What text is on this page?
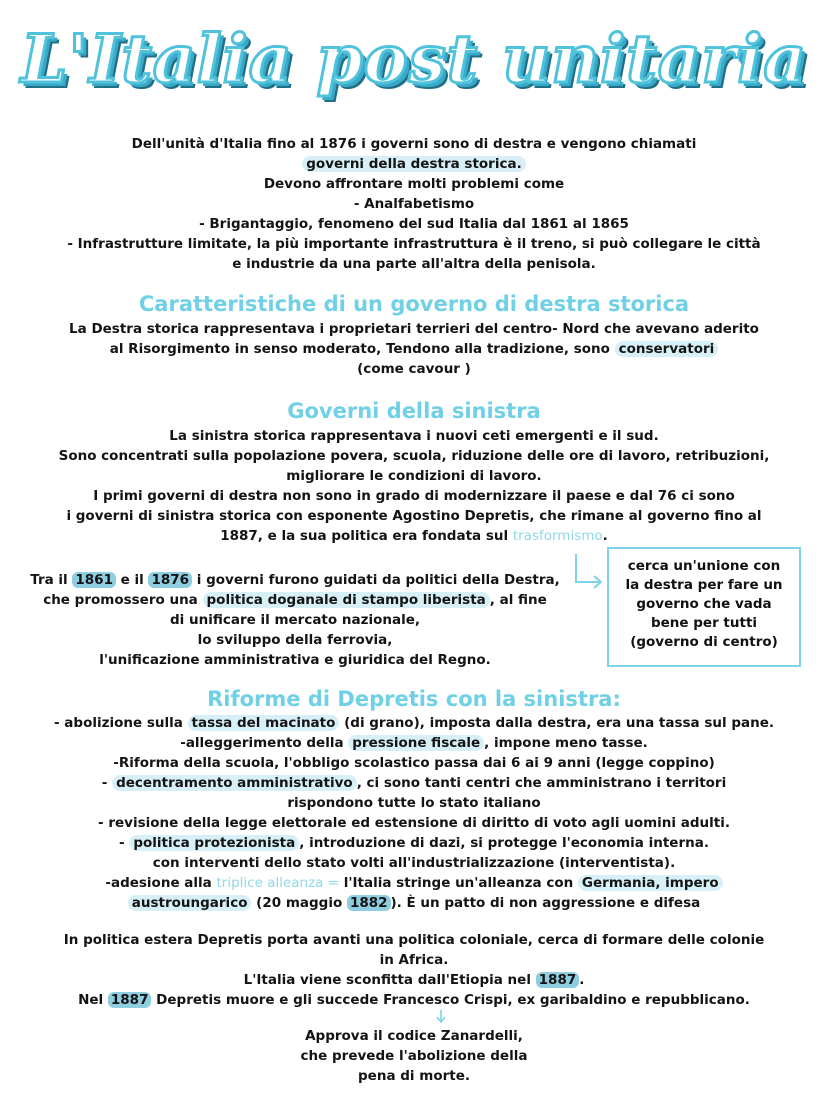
L'Italia post unitaria

Dell'unità d'Italia fino al 1876 i governi sono di destra e vengono chiamati

governi della destra storica.

Devono affrontare molti problemi come

- Analfabetismo

- Brigantaggio, fenomeno del sud Italia dal 1861 al 1865

- Infrastrutture limitate, la più importante infrastruttura è il treno, si può collegare le città

e industrie da una parte all'altra della penisola.

Caratteristiche di un governo di destra storica

La Destra storica rappresentava i proprietari terrieri del centro- Nord che avevano aderito

al Risorgimento in senso moderato, Tendono alla tradizione, sono conservatori

(come cavour )

Governi della sinistra

La sinistra storica rappresentava i nuovi ceti emergenti e il sud.

Sono concentrati sulla popolazione povera, scuola, riduzione delle ore di lavoro, retribuzioni,

migliorare le condizioni di lavoro.

I primi governi di destra non sono in grado di modernizzare il paese e dal 76 ci sono

i governi di sinistra storica con esponente Agostino Depretis, che rimane al governo fino al

1887, e la sua politica era fondata sul trasformismo.

cerca un'unione con

la destra per fare un

governo che vada

bene per tutti

(governo di centro)

Tra il 1861 e il 1876 i governi furono guidati da politici della Destra,

che promossero una politica doganale di stampo liberista , al fine

di unificare il mercato nazionale,

lo sviluppo della ferrovia,

l'unificazione amministrativa e giuridica del Regno.

Riforme di Depretis con la sinistra:

- abolizione sulla tassa del macinato (di grano), imposta dalla destra, era una tassa sul pane.

-alleggerimento della pressione fiscale , impone meno tasse.

-Riforma della scuola, l'obbligo scolastico passa dai 6 ai 9 anni (legge coppino)

- decentramento amministrativo , ci sono tanti centri che amministrano i territori

rispondono tutte lo stato italiano

- revisione della legge elettorale ed estensione di diritto di voto agli uomini adulti.

- politica protezionista , introduzione di dazi, si protegge l'economia interna.

con interventi dello stato volti all'industrializzazione (interventista).

-adesione alla triplice alleanza = l'Italia stringe un'alleanza con Germania, impero

austroungarico (20 maggio 1882 ). È un patto di non aggressione e difesa

In politica estera Depretis porta avanti una politica coloniale, cerca di formare delle colonie

in Africa.

L'Italia viene sconfitta dall'Etiopia nel 1887 .

Nel 1887 Depretis muore e gli succede Francesco Crispi, ex garibaldino e repubblicano.

Approva il codice Zanardelli,

che prevede l'abolizione della

pena di morte.
